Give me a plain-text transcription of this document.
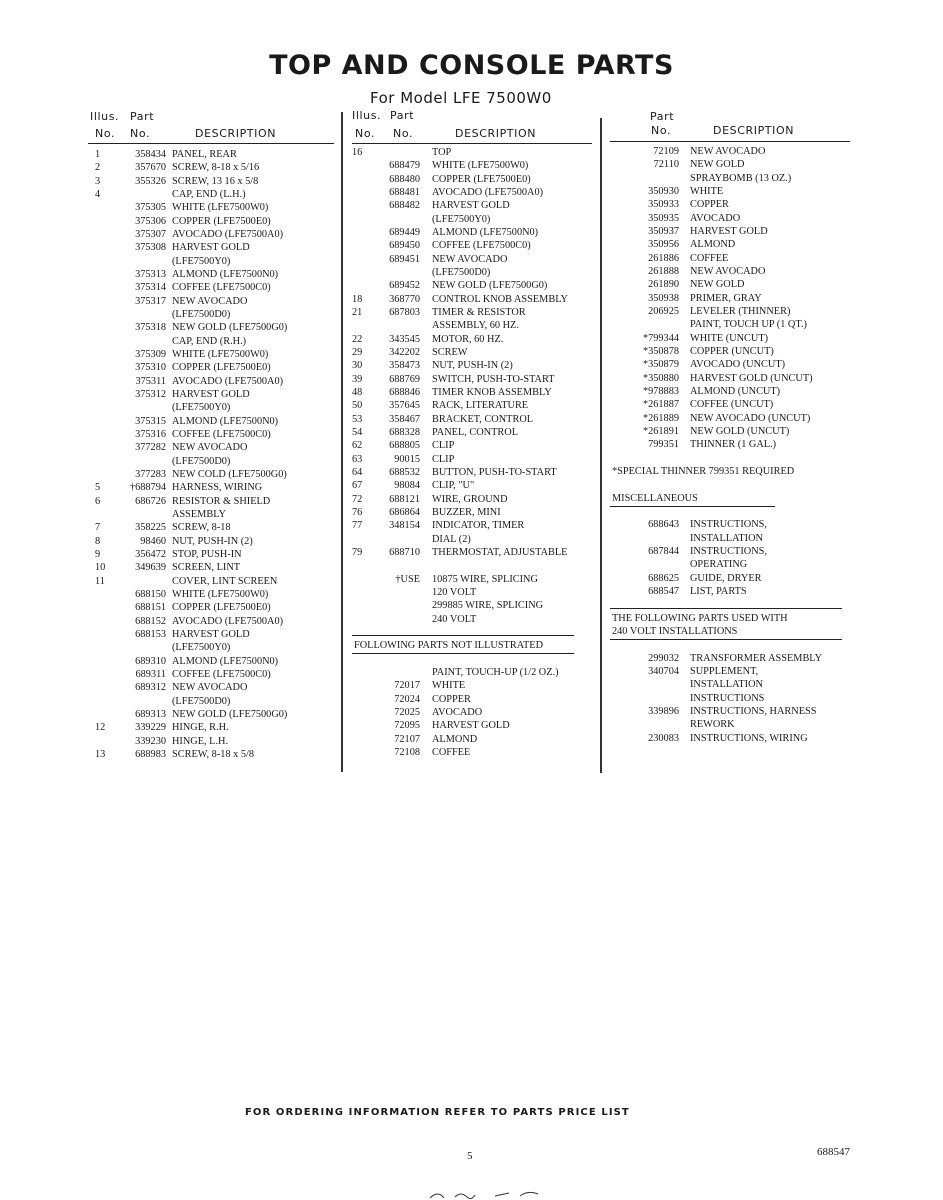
TOP AND CONSOLE PARTS
For Model LFE 7500W0
Illus. Part
No. No.	DESCRIPTION
Illus. Part
No. No.	DESCRIPTION
Part
No.	DESCRIPTION
1	358434 PANEL, REAR
2	357670 SCREW, 8-18 x 5/16
3	355326 SCREW, 13 16 x 5/8
4	CAP, END (L.H.)
375305 WHITE (LFE7500W0)
375306 COPPER (LFE7500E0)
375307 AVOCADO (LFE7500A0)
375308 HARVEST GOLD
(LFE7500Y0)
375313 ALMOND (LFE7500N0)
375314 COFFEE (LFE7500C0)
375317 NEW AVOCADO
(LFE7500D0)
375318 NEW GOLD (LFE7500G0)
CAP, END (R.H.)
375309 WHITE (LFE7500W0)
375310 COPPER (LFE7500E0)
375311 AVOCADO (LFE7500A0)
375312 HARVEST GOLD
(LFE7500Y0)
375315 ALMOND (LFE7500N0)
375316 COFFEE (LFE7500C0)
377282 NEW AVOCADO
(LFE7500D0)
377283 NEW COLD (LFE7500G0)
5	†688794 HARNESS, WIRING
6	686726 RESISTOR & SHIELD
ASSEMBLY
7	358225 SCREW, 8-18
8	98460 NUT, PUSH-IN (2)
9	356472 STOP, PUSH-IN
10	349639 SCREEN, LINT
11	COVER, LINT SCREEN
688150 WHITE (LFE7500W0)
688151 COPPER (LFE7500E0)
688152 AVOCADO (LFE7500A0)
688153 HARVEST GOLD
(LFE7500Y0)
689310 ALMOND (LFE7500N0)
689311 COFFEE (LFE7500C0)
689312 NEW AVOCADO
(LFE7500D0)
689313 NEW GOLD (LFE7500G0)
12	339229 HINGE, R.H.
339230 HINGE, L.H.
13	688983 SCREW, 8-18 x 5/8
16	TOP
688479 WHITE (LFE7500W0)
688480 COPPER (LFE7500E0)
688481 AVOCADO (LFE7500A0)
688482 HARVEST GOLD
(LFE7500Y0)
689449 ALMOND (LFE7500N0)
689450 COFFEE (LFE7500C0)
689451 NEW AVOCADO
(LFE7500D0)
689452 NEW GOLD (LFE7500G0)
18	368770 CONTROL KNOB ASSEMBLY
21	687803 TIMER & RESISTOR
ASSEMBLY, 60 HZ.
22	343545 MOTOR, 60 HZ.
29	342202 SCREW
30	358473 NUT, PUSH-IN (2)
39	688769 SWITCH, PUSH-TO-START
48	688846 TIMER KNOB ASSEMBLY
50	357645 RACK, LITERATURE
53	358467 BRACKET, CONTROL
54	688328 PANEL, CONTROL
62	688805 CLIP
63	90015 CLIP
64	688532 BUTTON, PUSH-TO-START
67	98084 CLIP, "U"
72	688121 WIRE, GROUND
76	686864 BUZZER, MINI
77	348154 INDICATOR, TIMER
DIAL (2)
79	688710 THERMOSTAT, ADJUSTABLE
†USE 10875 WIRE, SPLICING
120 VOLT
299885 WIRE, SPLICING
240 VOLT
FOLLOWING PARTS NOT ILLUSTRATED
PAINT, TOUCH-UP (1/2 OZ.)
72017 WHITE
72024 COPPER
72025 AVOCADO
72095 HARVEST GOLD
72107 ALMOND
72108 COFFEE
72109 NEW AVOCADO
72110 NEW GOLD
SPRAYBOMB (13 OZ.)
350930 WHITE
350933 COPPER
350935 AVOCADO
350937 HARVEST GOLD
350956 ALMOND
261886 COFFEE
261888 NEW AVOCADO
261890 NEW GOLD
350938 PRIMER, GRAY
206925 LEVELER (THINNER)
PAINT, TOUCH UP (1 QT.)
*799344 WHITE (UNCUT)
*350878 COPPER (UNCUT)
*350879 AVOCADO (UNCUT)
*350880 HARVEST GOLD (UNCUT)
*978883 ALMOND (UNCUT)
*261887 COFFEE (UNCUT)
*261889 NEW AVOCADO (UNCUT)
*261891 NEW GOLD (UNCUT)
799351 THINNER (1 GAL.)
*SPECIAL THINNER 799351 REQUIRED
MISCELLANEOUS
688643 INSTRUCTIONS,
INSTALLATION
687844 INSTRUCTIONS,
OPERATING
688625 GUIDE, DRYER
688547 LIST, PARTS
THE FOLLOWING PARTS USED WITH
240 VOLT INSTALLATIONS
299032 TRANSFORMER ASSEMBLY
340704 SUPPLEMENT,
INSTALLATION
INSTRUCTIONS
339896 INSTRUCTIONS, HARNESS
REWORK
230083 INSTRUCTIONS, WIRING
FOR ORDERING INFORMATION REFER TO PARTS PRICE LIST
5	688547
